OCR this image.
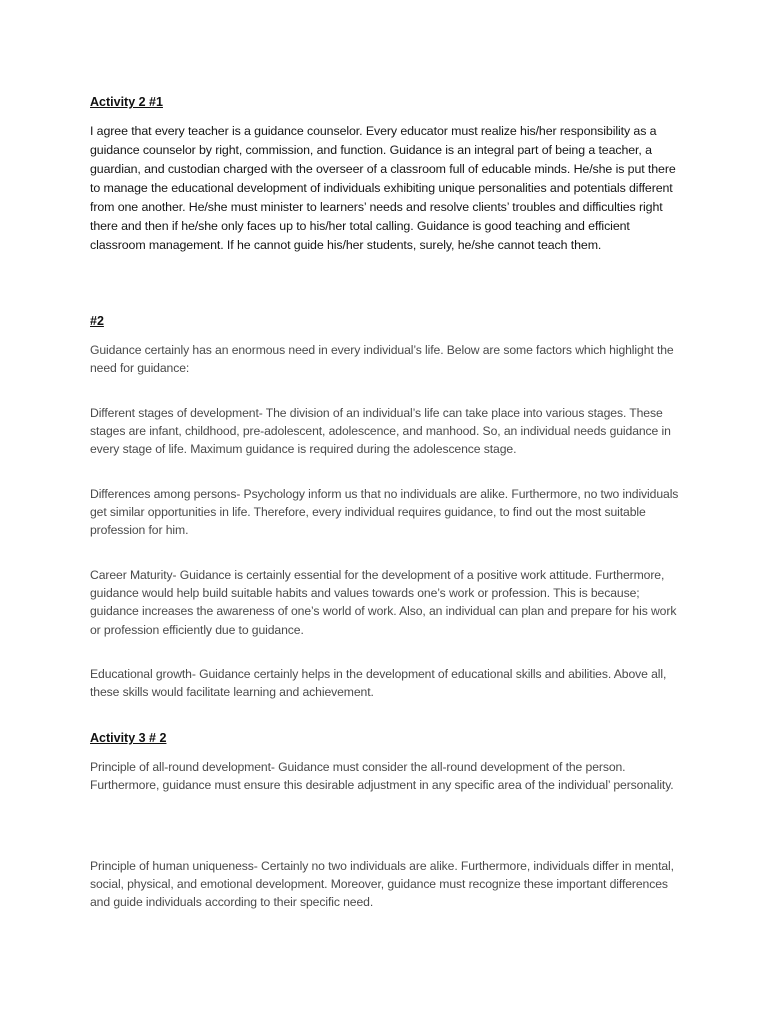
Activity 2 #1

I agree that every teacher is a guidance counselor. Every educator must realize his/her responsibility as a guidance counselor by right, commission, and function. Guidance is an integral part of being a teacher, a guardian, and custodian charged with the overseer of a classroom full of educable minds. He/she is put there to manage the educational development of individuals exhibiting unique personalities and potentials different from one another. He/she must minister to learners’ needs and resolve clients’ troubles and difficulties right there and then if he/she only faces up to his/her total calling. Guidance is good teaching and efficient classroom management. If he cannot guide his/her students, surely, he/she cannot teach them.

#2

Guidance certainly has an enormous need in every individual’s life. Below are some factors which highlight the need for guidance:

Different stages of development- The division of an individual’s life can take place into various stages. These stages are infant, childhood, pre-adolescent, adolescence, and manhood. So, an individual needs guidance in every stage of life. Maximum guidance is required during the adolescence stage.

Differences among persons- Psychology inform us that no individuals are alike. Furthermore, no two individuals get similar opportunities in life. Therefore, every individual requires guidance, to find out the most suitable profession for him.

Career Maturity- Guidance is certainly essential for the development of a positive work attitude. Furthermore, guidance would help build suitable habits and values towards one’s work or profession. This is because; guidance increases the awareness of one’s world of work. Also, an individual can plan and prepare for his work or profession efficiently due to guidance.

Educational growth- Guidance certainly helps in the development of educational skills and abilities. Above all, these skills would facilitate learning and achievement.

Activity 3 # 2

Principle of all-round development- Guidance must consider the all-round development of the person. Furthermore, guidance must ensure this desirable adjustment in any specific area of the individual’ personality.

Principle of human uniqueness- Certainly no two individuals are alike. Furthermore, individuals differ in mental, social, physical, and emotional development. Moreover, guidance must recognize these important differences and guide individuals according to their specific need.
